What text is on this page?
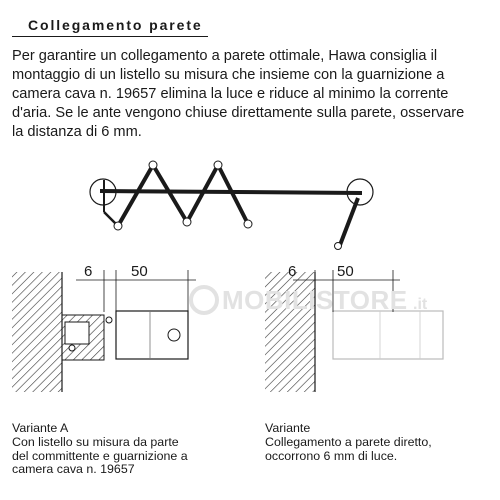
Collegamento parete
Per garantire un collegamento a parete ottimale, Hawa consiglia il
montaggio di un listello su misura che insieme con la guarnizione a
camera cava n. 19657 elimina la luce e riduce al minimo la corrente
d'aria. Se le ante vengono chiuse direttamente sulla parete, osservare
la distanza di 6 mm.
6	50	6	50
MOBILISTORE .it
Variante A
Con listello su misura da parte
del committente e guarnizione a
camera cava n. 19657
Variante
Collegamento a parete diretto,
occorrono 6 mm di luce.
